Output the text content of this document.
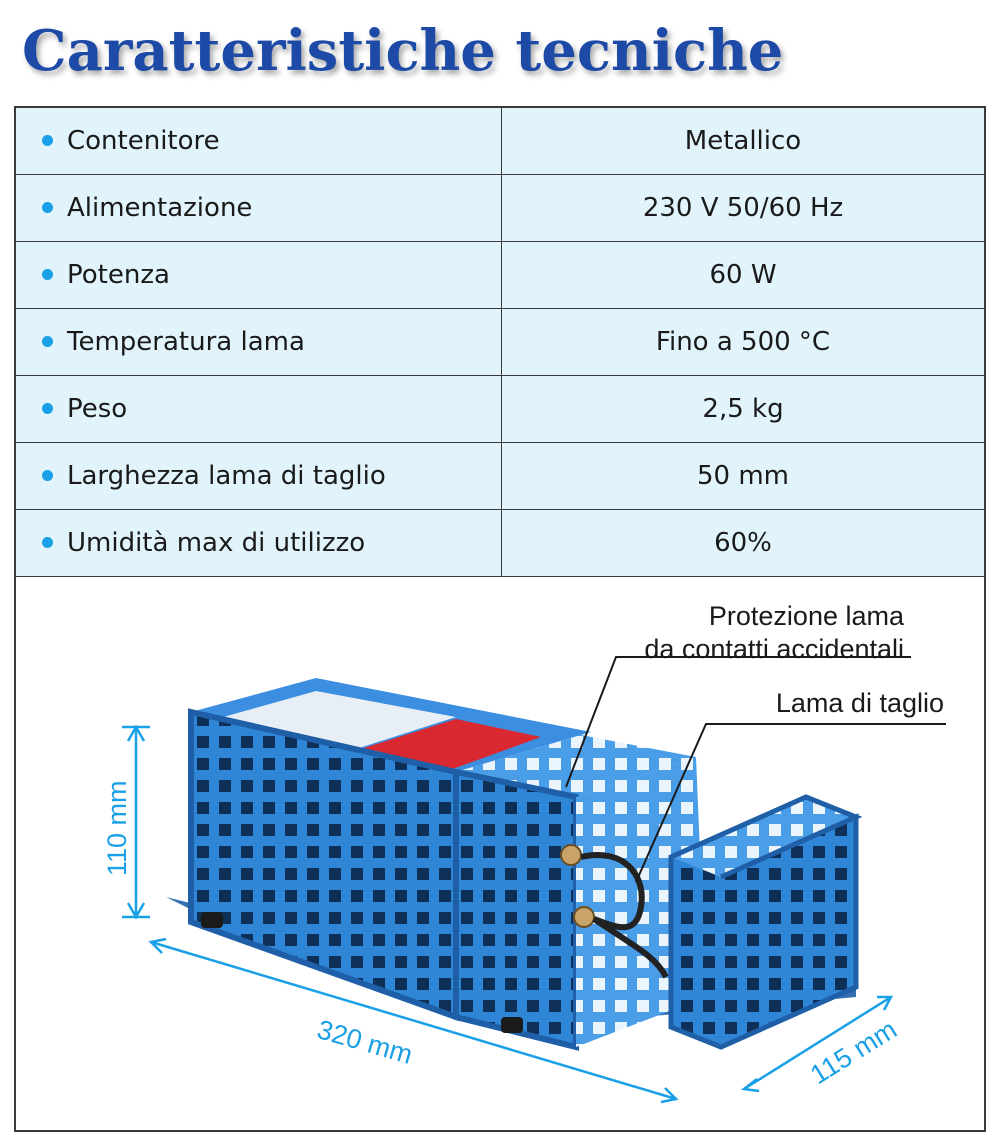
Caratteristiche tecniche
Contenitore	Metallico
Alimentazione	230 V 50/60 Hz
Potenza	60 W
Temperatura lama	Fino a 500 °C
Peso	2,5 kg
Larghezza lama di taglio	50 mm
Umidità max di utilizzo	60%
Protezione lama
da contatti accidentali
Lama di taglio
110 mm
320 mm	115 mm
